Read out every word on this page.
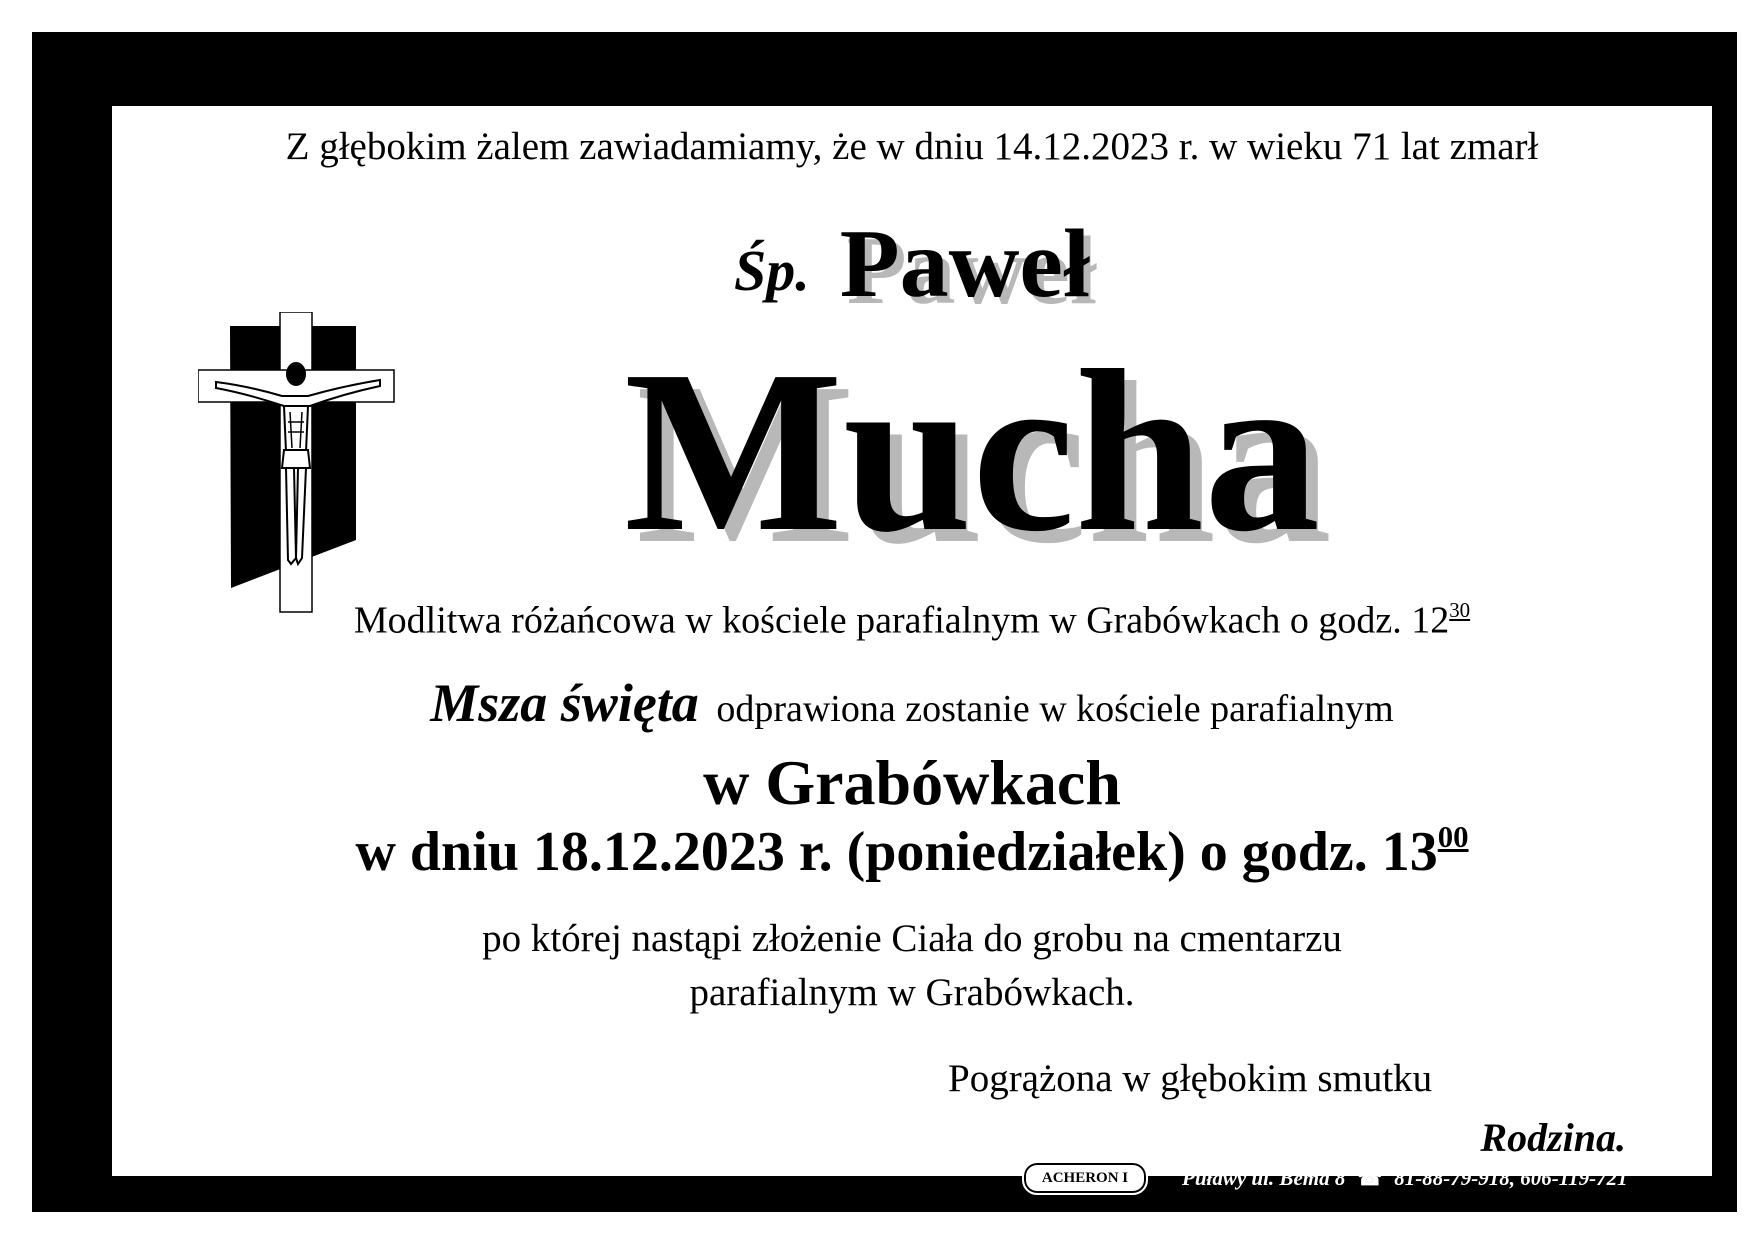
Z głębokim żalem zawiadamiamy, że w dniu 14.12.2023 r. w wieku 71 lat zmarł
Śp. Paweł
Mucha
Modlitwa różańcowa w kościele parafialnym w Grabówkach o godz. $12^{30}$
Msza święta odprawiona zostanie w kościele parafialnym
w Grabówkach
w dniu 18.12.2023 r. (poniedziałek) o godz. $13^{00}$
po której nastąpi złożenie Ciała do grobu na cmentarzu
parafialnym w Grabówkach.
Pogrążona w głębokim smutku
Rodzina.
ACHERON I	Puławy ul. Bema 8 ☎ 81-88-79-918, 606-119-721
